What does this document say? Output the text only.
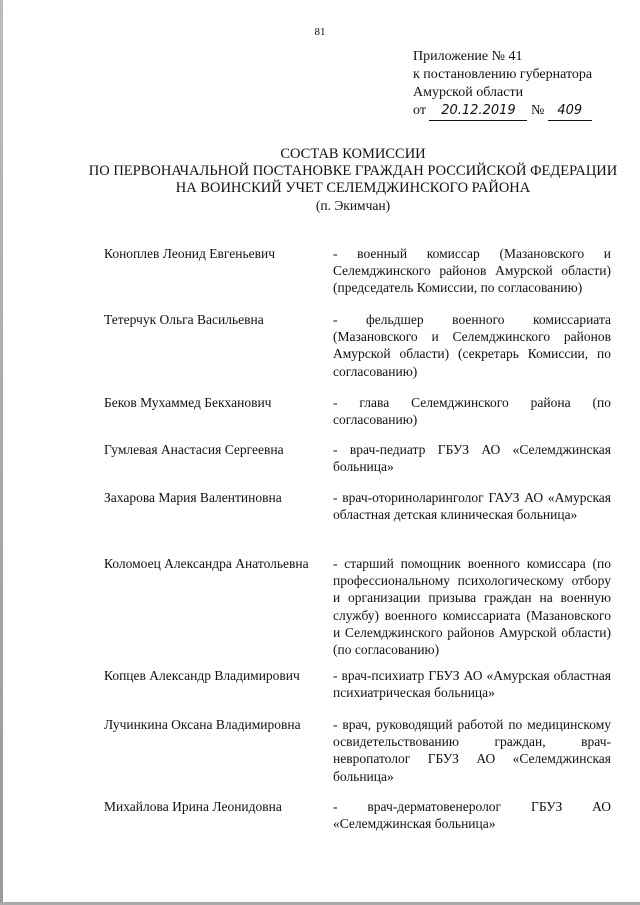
81
Приложение № 41
к постановлению губернатора
Амурской области
от 20.12.2019 № 409
СОСТАВ КОМИССИИ
ПО ПЕРВОНАЧАЛЬНОЙ ПОСТАНОВКЕ ГРАЖДАН РОССИЙСКОЙ ФЕДЕРАЦИИ
НА ВОИНСКИЙ УЧЕТ СЕЛЕМДЖИНСКОГО РАЙОНА
(п. Экимчан)
Коноплев Леонид Евгеньевич	- военный комиссар (Мазановского и Селемджинского районов Амурской области) (председатель Комиссии, по согласованию)
Тетерчук Ольга Васильевна	- фельдшер военного комиссариата (Мазановского и Селемджинского районов Амурской области) (секретарь Комиссии, по согласованию)
Беков Мухаммед Бекханович	- глава Селемджинского района (по согласованию)
Гумлевая Анастасия Сергеевна	- врач-педиатр ГБУЗ АО «Селемджинская больница»
Захарова Мария Валентиновна	- врач-оториноларинголог ГАУЗ АО «Амурская областная детская клиническая больница»
Коломоец Александра Анатольевна - старший помощник военного комиссара (по профессиональному психологическому отбору и организации призыва граждан на военную службу) военного комиссариата (Мазановского и Селемджинского районов Амурской области) (по согласованию)
Копцев Александр Владимирович - врач-психиатр ГБУЗ АО «Амурская областная психиатрическая больница»
Лучинкина Оксана Владимировна - врач, руководящий работой по медицинскому освидетельствованию граждан, врач-невропатолог ГБУЗ АО «Селемджинская больница»
Михайлова Ирина Леонидовна	- врач-дерматовенеролог ГБУЗ АО «Селемджинская больница»
